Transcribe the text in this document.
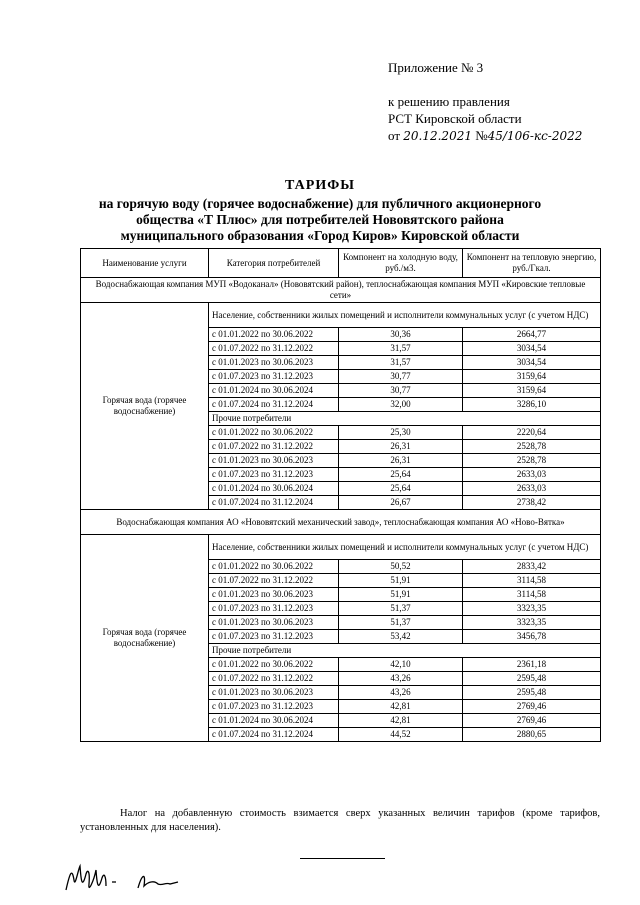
Приложение № 3
к решению правления
РСТ Кировской области
от 20.12.2021 №45/106-кс-2022
ТАРИФЫ
на горячую воду (горячее водоснабжение) для публичного акционерного
общества «Т Плюс» для потребителей Нововятского района
муниципального образования «Город Киров» Кировской области
Наименование услуги	Категория потребителей	Компонент на холодную воду, руб./м3.	Компонент на тепловую энергию, руб./Гкал.
Водоснабжающая компания МУП «Водоканал» (Нововятский район), теплоснабжающая компания МУП «Кировские тепловые сети»			
Горячая вода (горячее водоснабжение)	Население, собственники жилых помещений и исполнители коммунальных услуг (с учетом НДС)		
	с 01.01.2022 по 30.06.2022	30,36	2664,77
	с 01.07.2022 по 31.12.2022	31,57	3034,54
	с 01.01.2023 по 30.06.2023	31,57	3034,54
	с 01.07.2023 по 31.12.2023	30,77	3159,64
	с 01.01.2024 по 30.06.2024	30,77	3159,64
	с 01.07.2024 по 31.12.2024	32,00	3286,10
	Прочие потребители		
	с 01.01.2022 по 30.06.2022	25,30	2220,64
	с 01.07.2022 по 31.12.2022	26,31	2528,78
	с 01.01.2023 по 30.06.2023	26,31	2528,78
	с 01.07.2023 по 31.12.2023	25,64	2633,03
	с 01.01.2024 по 30.06.2024	25,64	2633,03
	с 01.07.2024 по 31.12.2024	26,67	2738,42
Водоснабжающая компания АО «Нововятский механический завод», теплоснабжающая компания АО «Ново-Вятка»			
Горячая вода (горячее водоснабжение)	Население, собственники жилых помещений и исполнители коммунальных услуг (с учетом НДС)		
	с 01.01.2022 по 30.06.2022	50,52	2833,42
	с 01.07.2022 по 31.12.2022	51,91	3114,58
	с 01.01.2023 по 30.06.2023	51,91	3114,58
	с 01.07.2023 по 31.12.2023	51,37	3323,35
	с 01.01.2023 по 30.06.2023	51,37	3323,35
	с 01.07.2023 по 31.12.2023	53,42	3456,78
	Прочие потребители		
	с 01.01.2022 по 30.06.2022	42,10	2361,18
	с 01.07.2022 по 31.12.2022	43,26	2595,48
	с 01.01.2023 по 30.06.2023	43,26	2595,48
	с 01.07.2023 по 31.12.2023	42,81	2769,46
	с 01.01.2024 по 30.06.2024	42,81	2769,46
	с 01.07.2024 по 31.12.2024	44,52	2880,65
Налог на добавленную стоимость взимается сверх указанных величин тарифов (кроме тарифов, установленных для населения).
